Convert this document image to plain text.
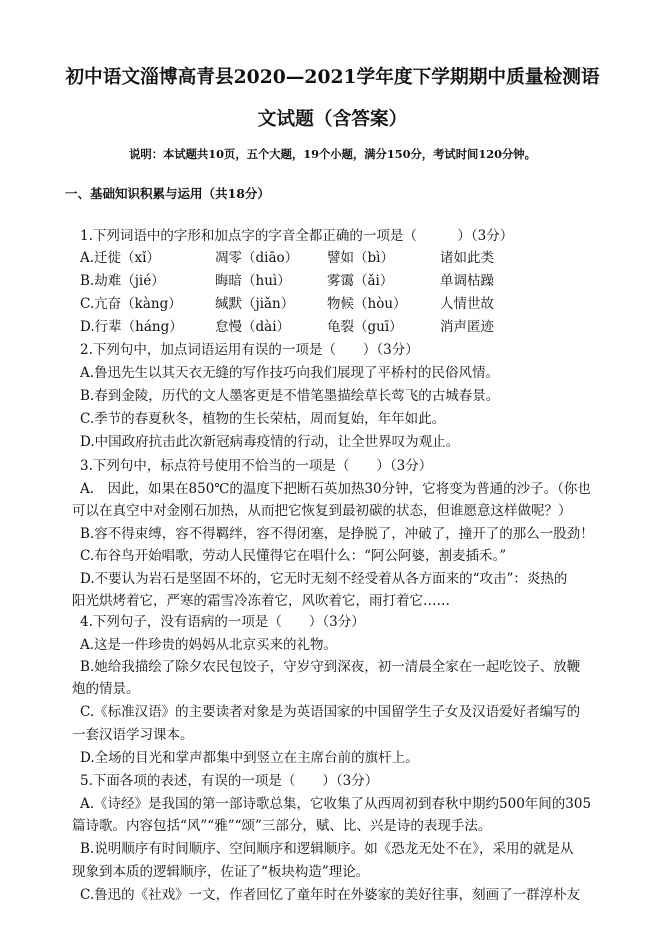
初中语文淄博高青县2020—2021学年度下学期期中质量检测语
文试题（含答案）
说明：本试题共10页，五个大题，19个小题，满分150分，考试时间120分钟。
一、基础知识积累与运用（共18分）
1.下列词语中的字形和加点字的字音全都正确的一项是（　　　）（3分）
A.迁徙（xǐ）	凋零（diāo） 譬如（bì）	诸如此类
B.劫难（jié）	晦暗（huì）	雾霭（ǎi）	单调枯躁
C.亢奋（kàng） 缄默（jiǎn） 物候（hòu） 人情世故
D.行辈（háng） 怠慢（dài）	龟裂（guī）	消声匿迹
2.下列句中，加点词语运用有误的一项是（　　）（3分）
A.鲁迅先生以其天衣无缝的写作技巧向我们展现了平桥村的民俗风情。
B.春到金陵，历代的文人墨客更是不惜笔墨描绘草长莺飞的古城春景。
C.季节的春夏秋冬，植物的生长荣枯，周而复始，年年如此。
D.中国政府抗击此次新冠病毒疫情的行动，让全世界叹为观止。
3.下列句中，标点符号使用不恰当的一项是（　　）（3分）
A.　因此，如果在850℃的温度下把断石英加热30分钟，它将变为普通的沙子。（你也
可以在真空中对金刚石加热，从而把它恢复到最初碳的状态，但谁愿意这样做呢？）
B.容不得束缚，容不得羁绊，容不得闭塞，是挣脱了，冲破了，撞开了的那么一股劲！
C.布谷鸟开始唱歌，劳动人民懂得它在唱什么：“阿公阿婆，割麦插禾。”
D.不要认为岩石是坚固不坏的，它无时无刻不经受着从各方面来的“攻击”：炎热的
阳光烘烤着它，严寒的霜雪冷冻着它，风吹着它，雨打着它……
4.下列句子，没有语病的一项是（　　）（3分）
A.这是一件珍贵的妈妈从北京买来的礼物。
B.她给我描绘了除夕农民包饺子，守岁守到深夜，初一清晨全家在一起吃饺子、放鞭
炮的情景。
C.《标准汉语》的主要读者对象是为英语国家的中国留学生子女及汉语爱好者编写的
一套汉语学习课本。
D.全场的目光和掌声都集中到竖立在主席台前的旗杆上。
5.下面各项的表述，有误的一项是（　　）（3分）
A.《诗经》是我国的第一部诗歌总集，它收集了从西周初到春秋中期约500年间的305
篇诗歌。内容包括“风”“雅”“颂”三部分，赋、比、兴是诗的表现手法。
B.说明顺序有时间顺序、空间顺序和逻辑顺序。如《恐龙无处不在》，采用的就是从
现象到本质的逻辑顺序，佐证了“板块构造”理论。
C.鲁迅的《社戏》一文，作者回忆了童年时在外婆家的美好往事，刻画了一群淳朴友
